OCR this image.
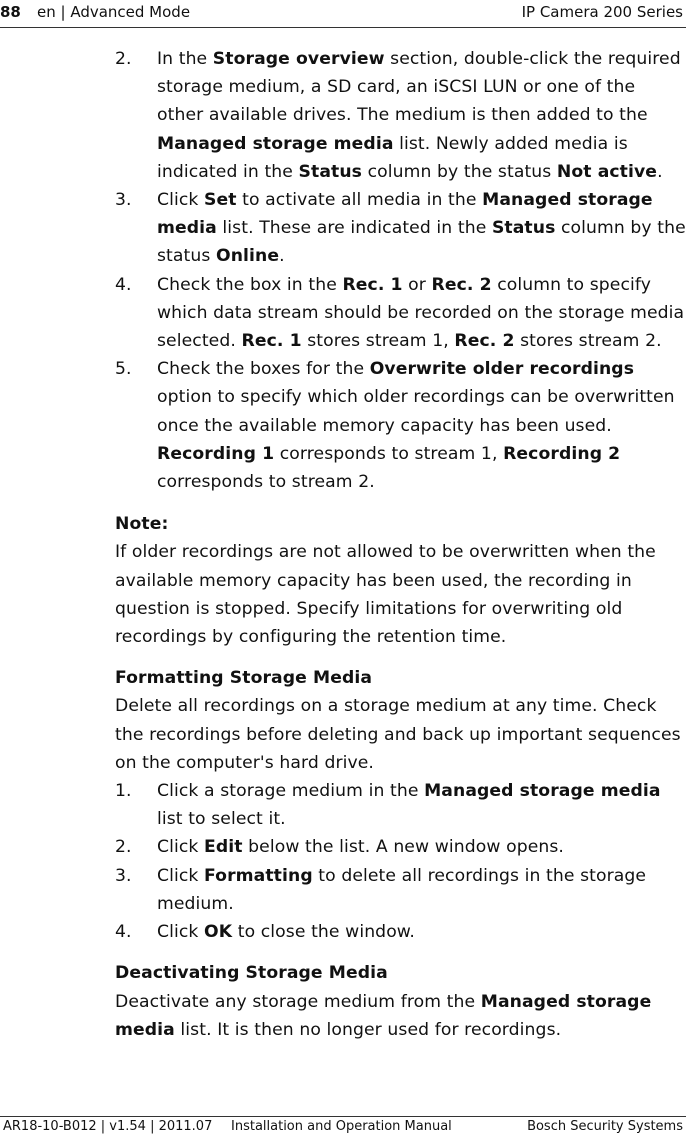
88 en | Advanced Mode	IP Camera 200 Series
2. In the Storage overview section, double-click the required storage medium, a SD card, an iSCSI LUN or one of the other available drives. The medium is then added to the Managed storage media list. Newly added media is indicated in the Status column by the status Not active.
3. Click Set to activate all media in the Managed storage media list. These are indicated in the Status column by the status Online.
4. Check the box in the Rec. 1 or Rec. 2 column to specify which data stream should be recorded on the storage media selected. Rec. 1 stores stream 1, Rec. 2 stores stream 2.
5. Check the boxes for the Overwrite older recordings option to specify which older recordings can be overwritten once the available memory capacity has been used. Recording 1 corresponds to stream 1, Recording 2 corresponds to stream 2.
Note:
If older recordings are not allowed to be overwritten when the available memory capacity has been used, the recording in question is stopped. Specify limitations for overwriting old recordings by configuring the retention time.
Formatting Storage Media
Delete all recordings on a storage medium at any time. Check the recordings before deleting and back up important sequences on the computer's hard drive.
1. Click a storage medium in the Managed storage media list to select it.
2. Click Edit below the list. A new window opens.
3. Click Formatting to delete all recordings in the storage medium.
4. Click OK to close the window.
Deactivating Storage Media
Deactivate any storage medium from the Managed storage media list. It is then no longer used for recordings.
AR18-10-B012 | v1.54 | 2011.07 Installation and Operation Manual	Bosch Security Systems
